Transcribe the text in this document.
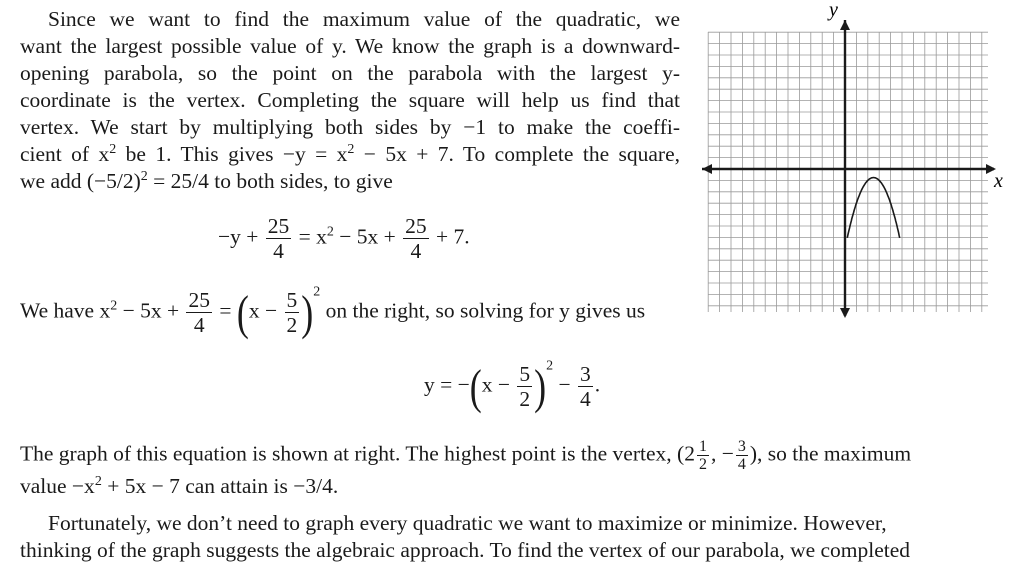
Since we want to find the maximum value of the quadratic, we
want the largest possible value of y. We know the graph is a downward-
opening parabola, so the point on the parabola with the largest y-
coordinate is the vertex. Completing the square will help us find that
vertex. We start by multiplying both sides by −1 to make the coeffi-
cient of $x^2$ be 1. This gives $-y = x^2 - 5x + 7$. To complete the square,
we add $(-5/2)^2 = 25/4$ to both sides, to give
$-y + \frac{25}{4} = x^2 - 5x + \frac{25}{4} + 7$.
We have $x^2 - 5x + \frac{25}{4} = (x - \frac{5}{2} )^2$ on the right, so solving for y gives us
$y = -(x - \frac{5}{2} )^2 - \frac{3}{4}$ .
The graph of this equation is shown at right. The highest point is the vertex, ($2 \frac{1}{2}$ , − $\frac{3}{4}$ ), so the maximum
value $-x^2 + 5x - 7$ can attain is −3/4.
Fortunately, we don’t need to graph every quadratic we want to maximize or minimize. However,
thinking of the graph suggests the algebraic approach. To find the vertex of our parabola, we completed
x
y
